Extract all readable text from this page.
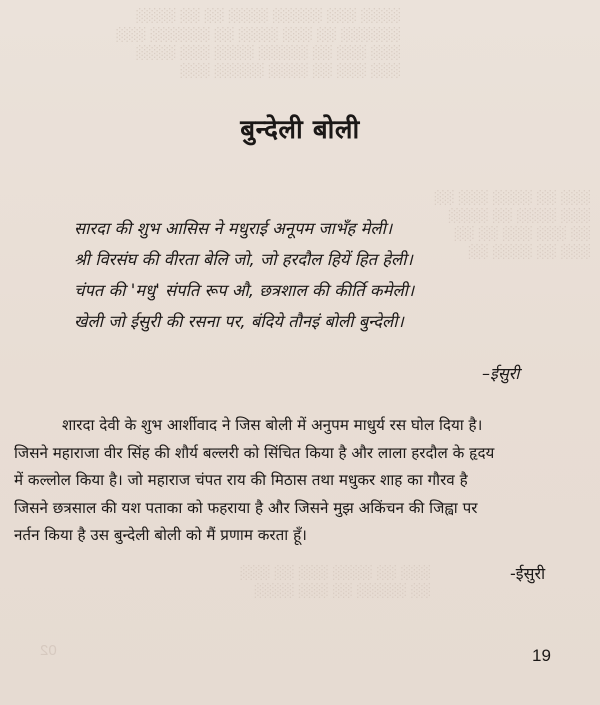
░░░░ ░░░ ░░░░░ ░░░░ ░░ ░░ ░░░░
░░░░░░ ░░ ░░░ ░░░░ ░░ ░░░░░░ ░░░
░░░ ░░░ ░░ ░░░░░ ░░░░ ░░░ ░░░░
░░░ ░░░ ░░ ░░░░ ░░░░░ ░░░
░░░ ░░ ░░░░ ░░░ ░░
░░░ ░░░░ ░░ ░░░░
░░ ░░░ ░░░ ░░ ░░
░░░ ░░ ░░░░ ░░
░░░ ░░ ░░░░ ░░░ ░░ ░░░
░░ ░░░░░ ░░ ░░░ ░░░░
02
बुन्देली बोली
सारदा की शुभ आसिस ने मधुराई अनूपम जाभँह मेली।
श्री विरसंघ की वीरता बेलि जो, जो हरदौल हियें हित हेली।
चंपत की 'मधु' संपति रूप औ, छत्रशाल की कीर्ति कमेली।
खेली जो ईसुरी की रसना पर, बंदिये तौनइं बोली बुन्देली।
–ईसुरी
शारदा देवी के शुभ आर्शीवाद ने जिस बोली में अनुपम माधुर्य रस घोल दिया है।
जिसने महाराजा वीर सिंह की शौर्य बल्लरी को सिंचित किया है और लाला हरदौल के हृदय
में कल्लोल किया है। जो महाराज चंपत राय की मिठास तथा मधुकर शाह का गौरव है
जिसने छत्रसाल की यश पताका को फहराया है और जिसने मुझ अकिंचन की जिह्वा पर
नर्तन किया है उस बुन्देली बोली को मैं प्रणाम करता हूँ।
-ईसुरी
19
